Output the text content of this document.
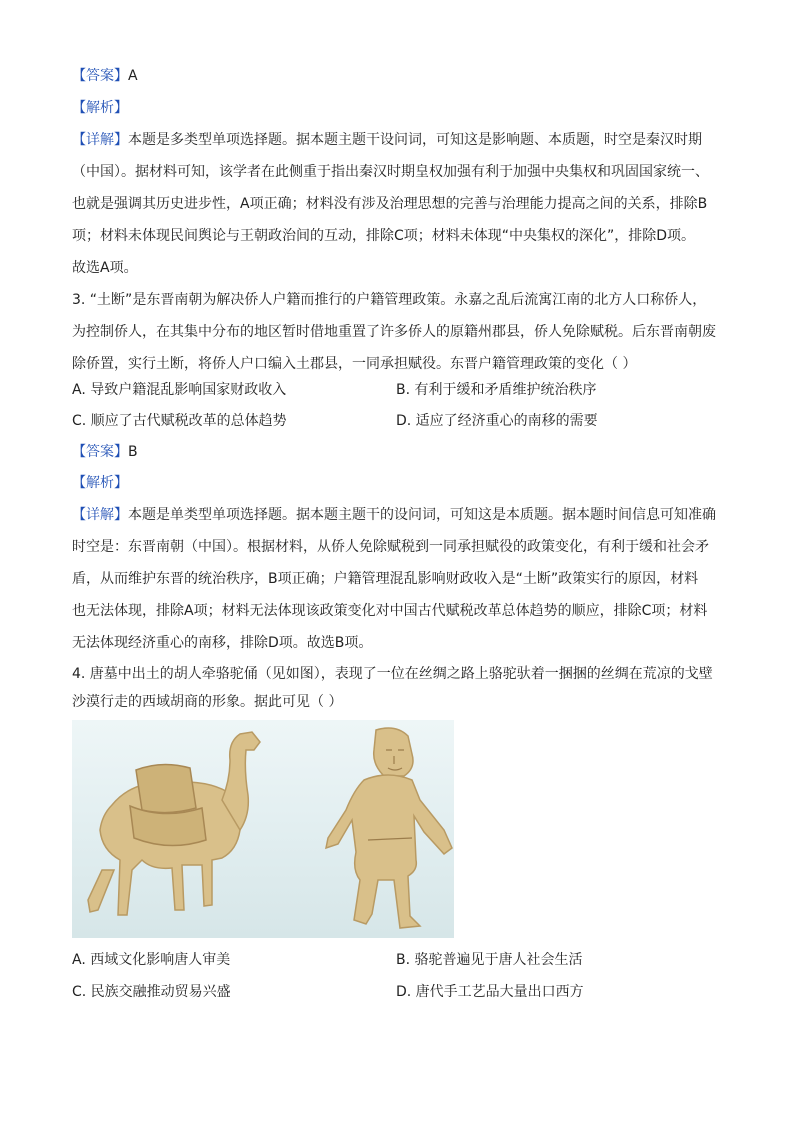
【答案】A
【解析】
【详解】本题是多类型单项选择题。据本题主题干设问词，可知这是影响题、本质题，时空是秦汉时期
（中国）。据材料可知，该学者在此侧重于指出秦汉时期皇权加强有利于加强中央集权和巩固国家统一、
也就是强调其历史进步性，A项正确；材料没有涉及治理思想的完善与治理能力提高之间的关系，排除B
项；材料未体现民间舆论与王朝政治间的互动，排除C项；材料未体现“中央集权的深化”，排除D项。
故选A项。
3. “土断”是东晋南朝为解决侨人户籍而推行的户籍管理政策。永嘉之乱后流寓江南的北方人口称侨人，
为控制侨人，在其集中分布的地区暂时借地重置了许多侨人的原籍州郡县，侨人免除赋税。后东晋南朝废
除侨置，实行土断，将侨人户口编入土郡县，一同承担赋役。东晋户籍管理政策的变化（ ）
A. 导致户籍混乱影响国家财政收入	B. 有利于缓和矛盾维护统治秩序
C. 顺应了古代赋税改革的总体趋势	D. 适应了经济重心的南移的需要
【答案】B
【解析】
【详解】本题是单类型单项选择题。据本题主题干的设问词，可知这是本质题。据本题时间信息可知准确
时空是：东晋南朝（中国）。根据材料，从侨人免除赋税到一同承担赋役的政策变化，有利于缓和社会矛
盾，从而维护东晋的统治秩序，B项正确；户籍管理混乱影响财政收入是“土断”政策实行的原因，材料
也无法体现，排除A项；材料无法体现该政策变化对中国古代赋税改革总体趋势的顺应，排除C项；材料
无法体现经济重心的南移，排除D项。故选B项。
4. 唐墓中出土的胡人牵骆驼俑（见如图），表现了一位在丝绸之路上骆驼驮着一捆捆的丝绸在荒凉的戈壁
沙漠行走的西域胡商的形象。据此可见（ ）
A. 西域文化影响唐人审美	B. 骆驼普遍见于唐人社会生活
C. 民族交融推动贸易兴盛	D. 唐代手工艺品大量出口西方
